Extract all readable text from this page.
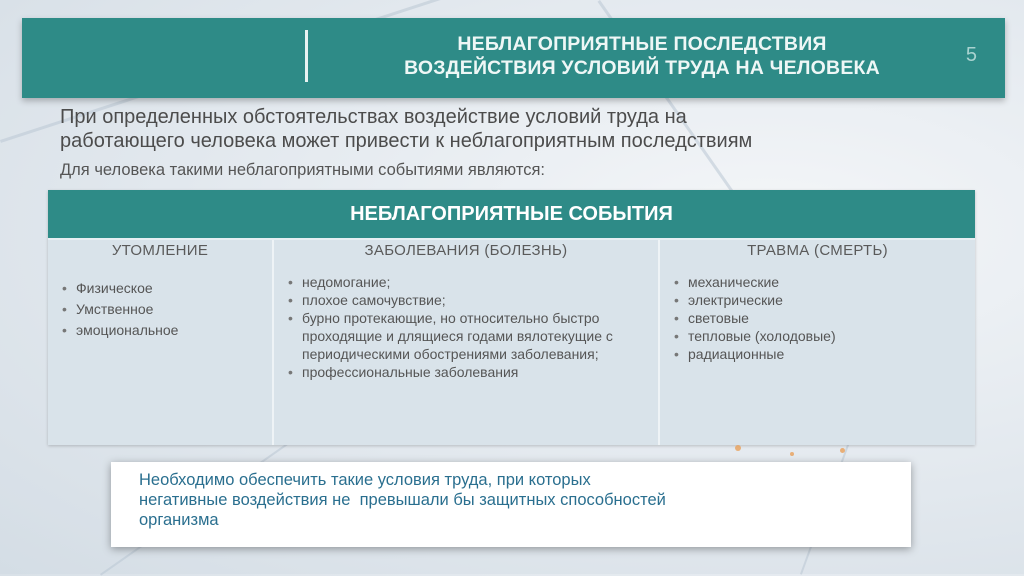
НЕБЛАГОПРИЯТНЫЕ ПОСЛЕДСТВИЯ
ВОЗДЕЙСТВИЯ УСЛОВИЙ ТРУДА НА ЧЕЛОВЕКА
5
При определенных обстоятельствах воздействие условий труда на
работающего человека может привести к неблагоприятным последствиям
Для человека такими неблагоприятными событиями являются:
НЕБЛАГОПРИЯТНЫЕ СОБЫТИЯ
УТОМЛЕНИЕ
• Физическое
• Умственное
• эмоциональное
ЗАБОЛЕВАНИЯ (БОЛЕЗНЬ)
• недомогание;
• плохое самочувствие;
• бурно протекающие, но относительно быстро проходящие и длящиеся годами вялотекущие с периодическими обострениями заболевания;
• профессиональные заболевания
ТРАВМА (СМЕРТЬ)
• механические
• электрические
• световые
• тепловые (холодовые)
• радиационные
Необходимо обеспечить такие условия труда, при которых
негативные воздействия не  превышали бы защитных способностей
организма
